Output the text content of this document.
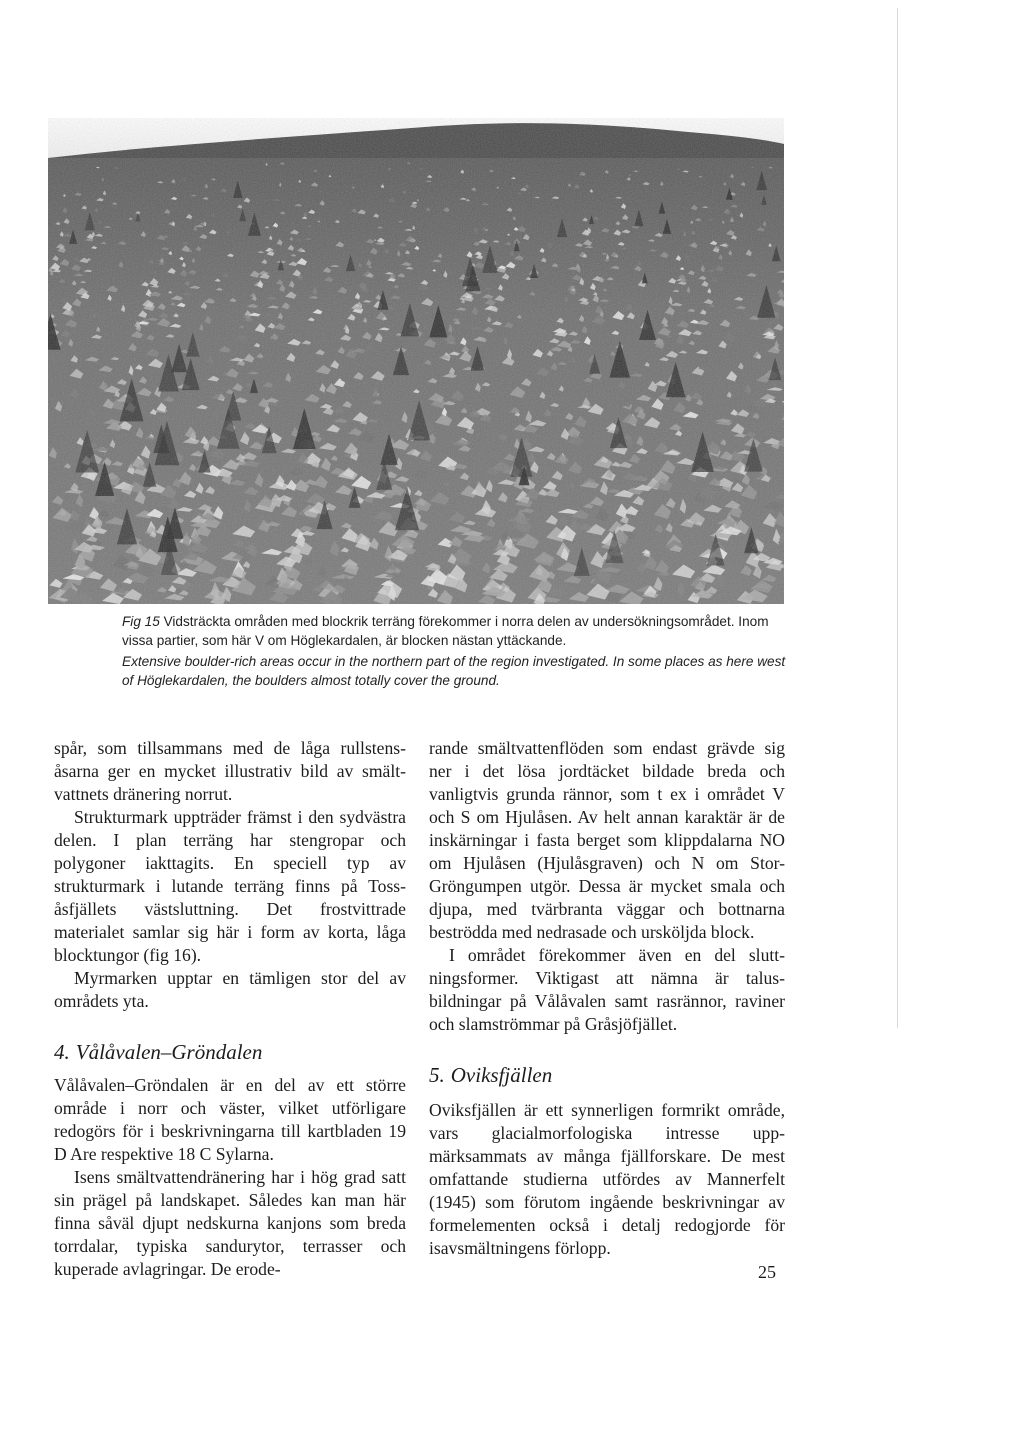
Fig 15 Vidsträckta områden med blockrik terräng förekommer i norra delen av undersökningsområdet. Inom vissa partier, som här V om Höglekardalen, är blocken nästan yttäckande.

Extensive boulder-rich areas occur in the northern part of the region investigated. In some places as here west of Höglekardalen, the boulders almost totally cover the ground.

spår, som tillsammans med de låga rullstensåsarna ger en mycket illustrativ bild av smältvattnets dränering norrut.

Strukturmark uppträder främst i den sydvästra delen. I plan terräng har stengropar och polygoner iakttagits. En speciell typ av strukturmark i lutande terräng finns på Tossåsfjällets västsluttning. Det frostvittrade materialet samlar sig här i form av korta, låga blocktungor (fig 16).

Myrmarken upptar en tämligen stor del av områdets yta.

4. Vålåvalen–Gröndalen

Vålåvalen–Gröndalen är en del av ett större område i norr och väster, vilket utförligare redogörs för i beskrivningarna till kartbladen 19 D Are respektive 18 C Sylarna.

Isens smältvattendränering har i hög grad satt sin prägel på landskapet. Således kan man här finna såväl djupt nedskurna kanjons som breda torrdalar, typiska sandurytor, terrasser och kuperade avlagringar. De erode-

rande smältvattenflöden som endast grävde sig ner i det lösa jordtäcket bildade breda och vanligtvis grunda rännor, som t ex i området V och S om Hjulåsen. Av helt annan karaktär är de inskärningar i fasta berget som klippdalarna NO om Hjulåsen (Hjulåsgraven) och N om Stor-Gröngumpen utgör. Dessa är mycket smala och djupa, med tvärbranta väggar och bottnarna beströdda med nedrasade och ursköljda block.

I området förekommer även en del sluttningsformer. Viktigast att nämna är talusbildningar på Vålåvalen samt rasrännor, raviner och slamströmmar på Gråsjöfjället.

5. Oviksfjällen

Oviksfjällen är ett synnerligen formrikt område, vars glacialmorfologiska intresse uppmärksammats av många fjällforskare. De mest omfattande studierna utfördes av Mannerfelt (1945) som förutom ingående beskrivningar av formelementen också i detalj redogjorde för isavsmältningens förlopp.

25
